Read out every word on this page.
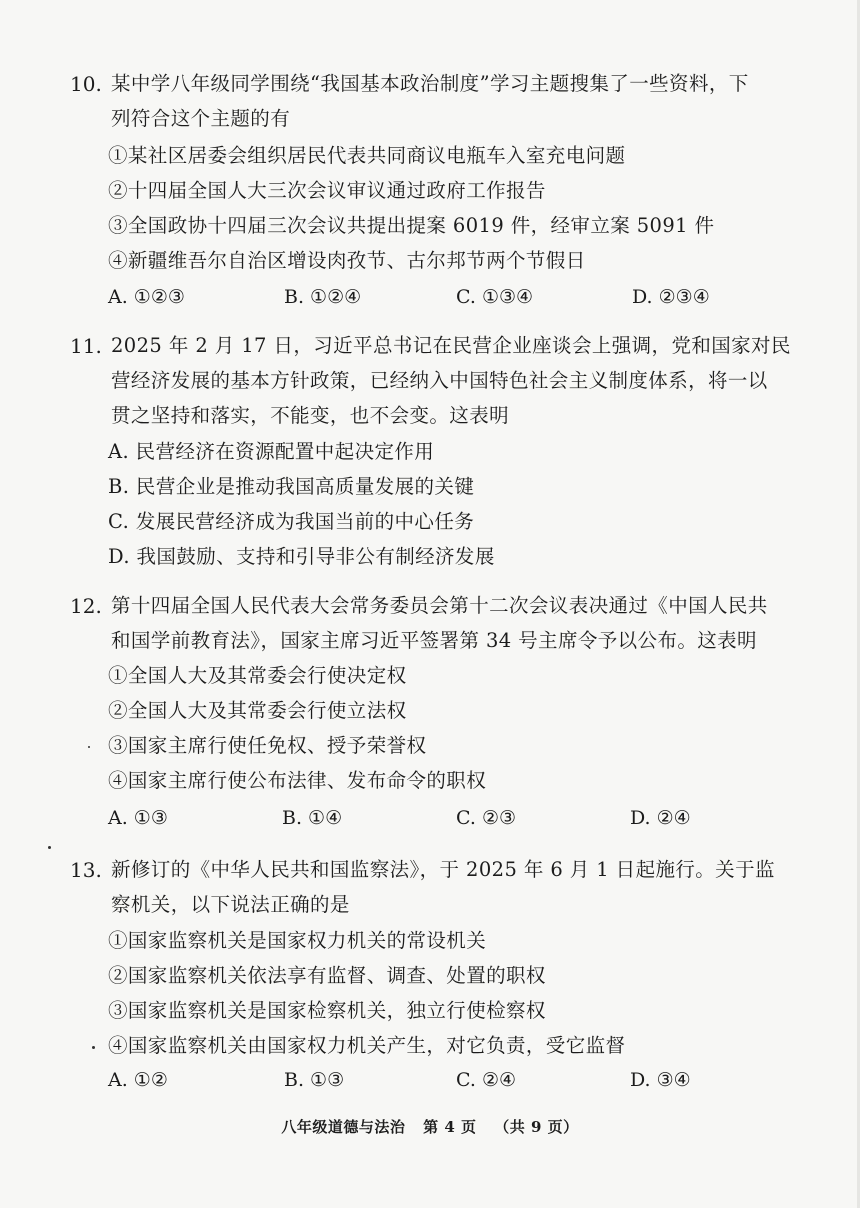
10. 某中学八年级同学围绕“我国基本政治制度”学习主题搜集了一些资料，下
列符合这个主题的有
①某社区居委会组织居民代表共同商议电瓶车入室充电问题
②十四届全国人大三次会议审议通过政府工作报告
③全国政协十四届三次会议共提出提案 6019 件，经审立案 5091 件
④新疆维吾尔自治区增设肉孜节、古尔邦节两个节假日
A. ①②③	B. ①②④	C. ①③④	D. ②③④
11. 2025 年 2 月 17 日，习近平总书记在民营企业座谈会上强调，党和国家对民
营经济发展的基本方针政策，已经纳入中国特色社会主义制度体系，将一以
贯之坚持和落实，不能变，也不会变。这表明
A. 民营经济在资源配置中起决定作用
B. 民营企业是推动我国高质量发展的关键
C. 发展民营经济成为我国当前的中心任务
D. 我国鼓励、支持和引导非公有制经济发展
12. 第十四届全国人民代表大会常务委员会第十二次会议表决通过《中国人民共
和国学前教育法》，国家主席习近平签署第 34 号主席令予以公布。这表明
①全国人大及其常委会行使决定权
②全国人大及其常委会行使立法权
③国家主席行使任免权、授予荣誉权
④国家主席行使公布法律、发布命令的职权
A. ①③	B. ①④	C. ②③	D. ②④
13. 新修订的《中华人民共和国监察法》，于 2025 年 6 月 1 日起施行。关于监
察机关，以下说法正确的是
①国家监察机关是国家权力机关的常设机关
②国家监察机关依法享有监督、调查、处置的职权
③国家监察机关是国家检察机关，独立行使检察权
④国家监察机关由国家权力机关产生，对它负责，受它监督
A. ①②	B. ①③	C. ②④	D. ③④
八年级道德与法治 第 4 页 （共 9 页）
